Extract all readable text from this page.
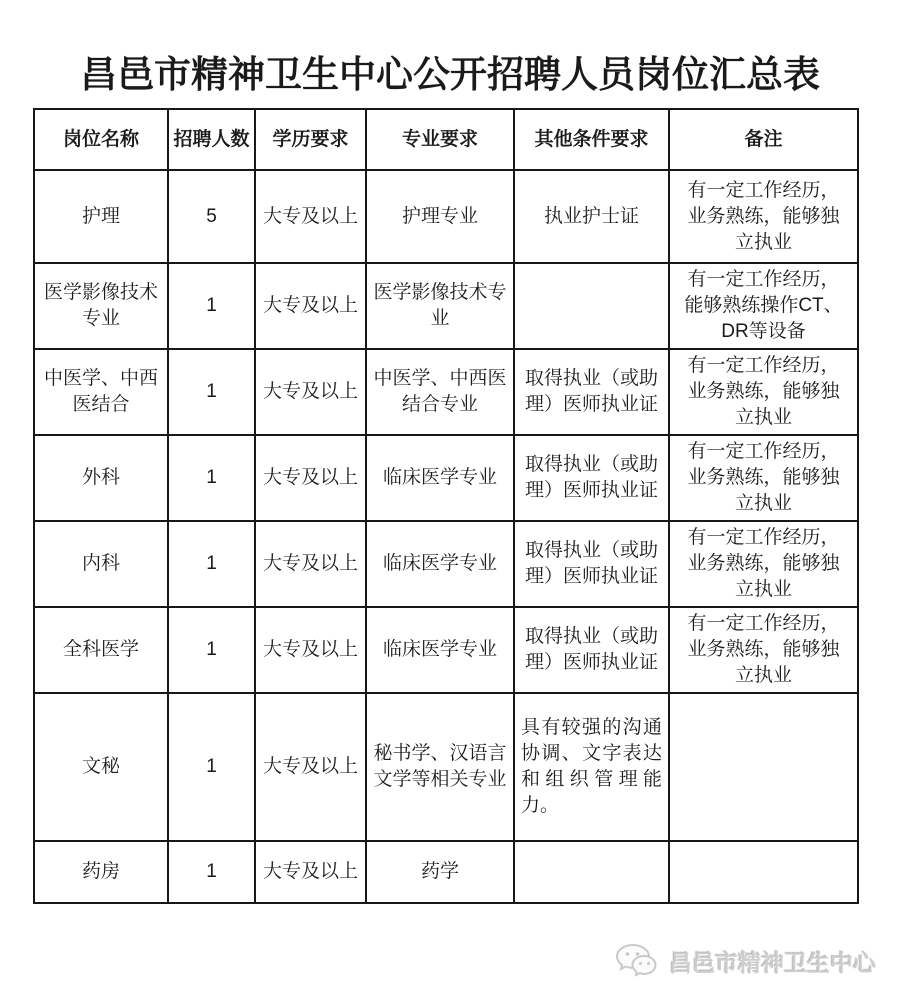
昌邑市精神卫生中心公开招聘人员岗位汇总表
岗位名称	招聘人数	学历要求	专业要求	其他条件要求	备注
护理	5	大专及以上	护理专业	执业护士证	有一定工作经历，业务熟练，能够独立执业
医学影像技术专业	1	大专及以上	医学影像技术专业		有一定工作经历，能够熟练操作CT、DR等设备
中医学、中西医结合	1	大专及以上	中医学、中西医结合专业	取得执业（或助理）医师执业证	有一定工作经历，业务熟练，能够独立执业
外科	1	大专及以上	临床医学专业	取得执业（或助理）医师执业证	有一定工作经历，业务熟练，能够独立执业
内科	1	大专及以上	临床医学专业	取得执业（或助理）医师执业证	有一定工作经历，业务熟练，能够独立执业
全科医学	1	大专及以上	临床医学专业	取得执业（或助理）医师执业证	有一定工作经历，业务熟练，能够独立执业
文秘	1	大专及以上	秘书学、汉语言文学等相关专业	具有较强的沟通协调、文字表达和组织管理能力。	
药房	1	大专及以上	药学		
昌邑市精神卫生中心
